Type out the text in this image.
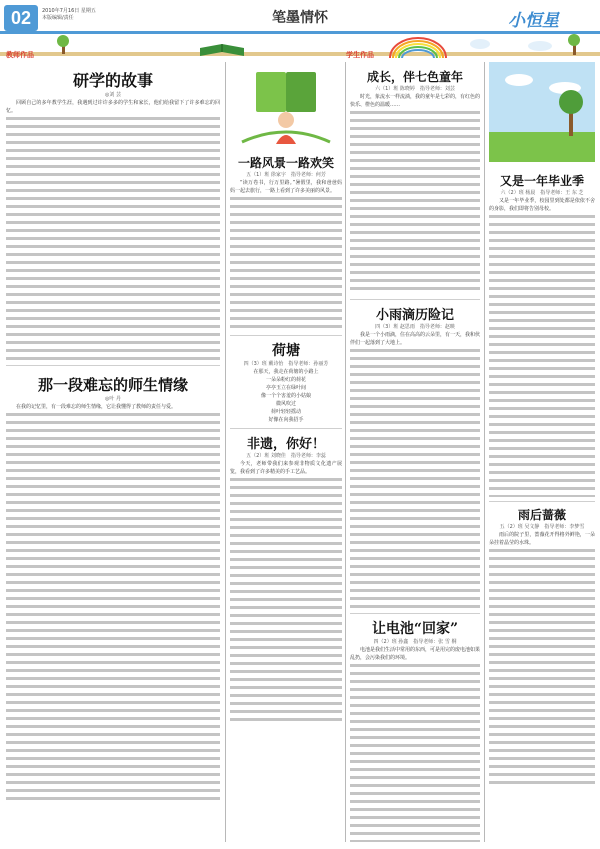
02	2010年7月16日 星期五
本版编辑/责任	笔墨情怀	小恒星
教师作品	学生作品
研学的故事
◎刘 芸
回顾自己的多年教学生涯，我遇到过许许多多的学生和家长，他们给我留下了许多难忘的回忆。
那一段难忘的师生情缘
◎叶 丹
在我的记忆里，有一段难忘的师生情缘，它让我懂得了教师的责任与爱。
一路风景一路欢笑
五（1）班 徐家宇　指导老师：何芳
“读万卷书，行万里路。”暑假里，我和爸爸妈妈一起去旅行，一路上看到了许多美丽的风景。
荷塘
四（3）班 戴诗怡　指导老师：孙丽芳
在那天，我走在荷塘的小路上
一朵朵粉红的荷花
亭亭玉立在绿叶间
像一个个害羞的小姑娘
微风吹过
荷叶轻轻摇动
好像在向我招手
非遗，你好！
五（2）班 刘晓佳　指导老师：李蕊
今天，老师带我们来参观非物质文化遗产展览，我看到了许多精美的手工艺品。
成长，伴七色童年
六（1）班 陈晓婷　指导老师：刘芸
时光，象流水一样流淌，我的童年是七彩的，有红色的快乐、橙色的温暖……
小雨滴历险记
四（3）班 赵思雨　指导老师：赵映
我是一个小雨滴，住在高高的云朵里，有一天，我和伙伴们一起落到了大地上。
让电池“回家”
四（2）班 孙鑫　指导老师：张 雪 桐
电池是我们生活中常用的东西，可是用完的废电池如果乱扔，会污染我们的环境。
又是一年毕业季
六（2）班 杨晨　指导老师：王 东 芝
又是一年毕业季，校园里到处都是依依不舍的身影，我们即将告别母校。
雨后蔷薇
五（2）班 吴文静　指导老师：李梦雪
雨后的院子里，蔷薇花开得格外鲜艳，一朵朵挂着晶莹的水珠。
